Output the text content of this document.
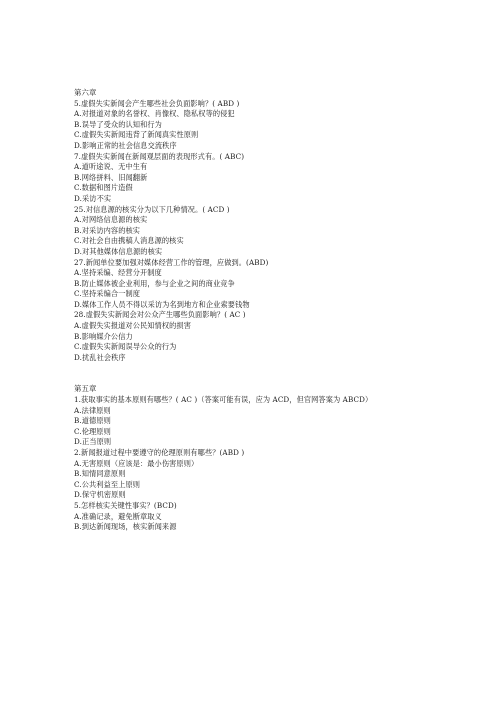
第六章
5.虚假失实新闻会产生哪些社会负面影响？( ABD )
A.对报道对象的名誉权、肖像权、隐私权等的侵犯
B.误导了受众的认知和行为
C.虚假失实新闻违背了新闻真实性原则
D.影响正常的社会信息交流秩序
7.虚假失实新闻在新闻观层面的表现形式有。( ABC)
A.道听途说、无中生有
B.网络拼料、旧闻翻新
C.数据和图片造假
D.采访不实
25.对信息源的核实分为以下几种情况。( ACD )
A.对网络信息源的核实
B.对采访内容的核实
C.对社会自由携稿人消息源的核实
D.对其他媒体信息源的核实
27.新闻单位要加强对媒体经营工作的管理，应做到。(ABD)
A.坚持采编、经营分开制度
B.防止媒体被企业利用，参与企业之间的商业竞争
C.坚持采编合一制度
D.媒体工作人员不得以采访为名到地方和企业索要钱物
28.虚假失实新闻会对公众产生哪些负面影响？( AC )
A.虚假失实报道对公民知情权的损害
B.影响媒介公信力
C.虚假失实新闻误导公众的行为
D.扰乱社会秩序
第五章
1.获取事实的基本原则有哪些？( AC )（答案可能有误，应为 ACD，但官网答案为 ABCD）
A.法律原则
B.道德原则
C.伦理原则
D.正当原则
2.新闻报道过程中要遵守的伦理原则有哪些？(ABD )
A.无害原则（应该是：最小伤害原则）
B.知情同意原则
C.公共利益至上原则
D.保守机密原则
5.怎样核实关键性事实？(BCD)
A.准确记录，避免断章取义
B.到达新闻现场，核实新闻来源
